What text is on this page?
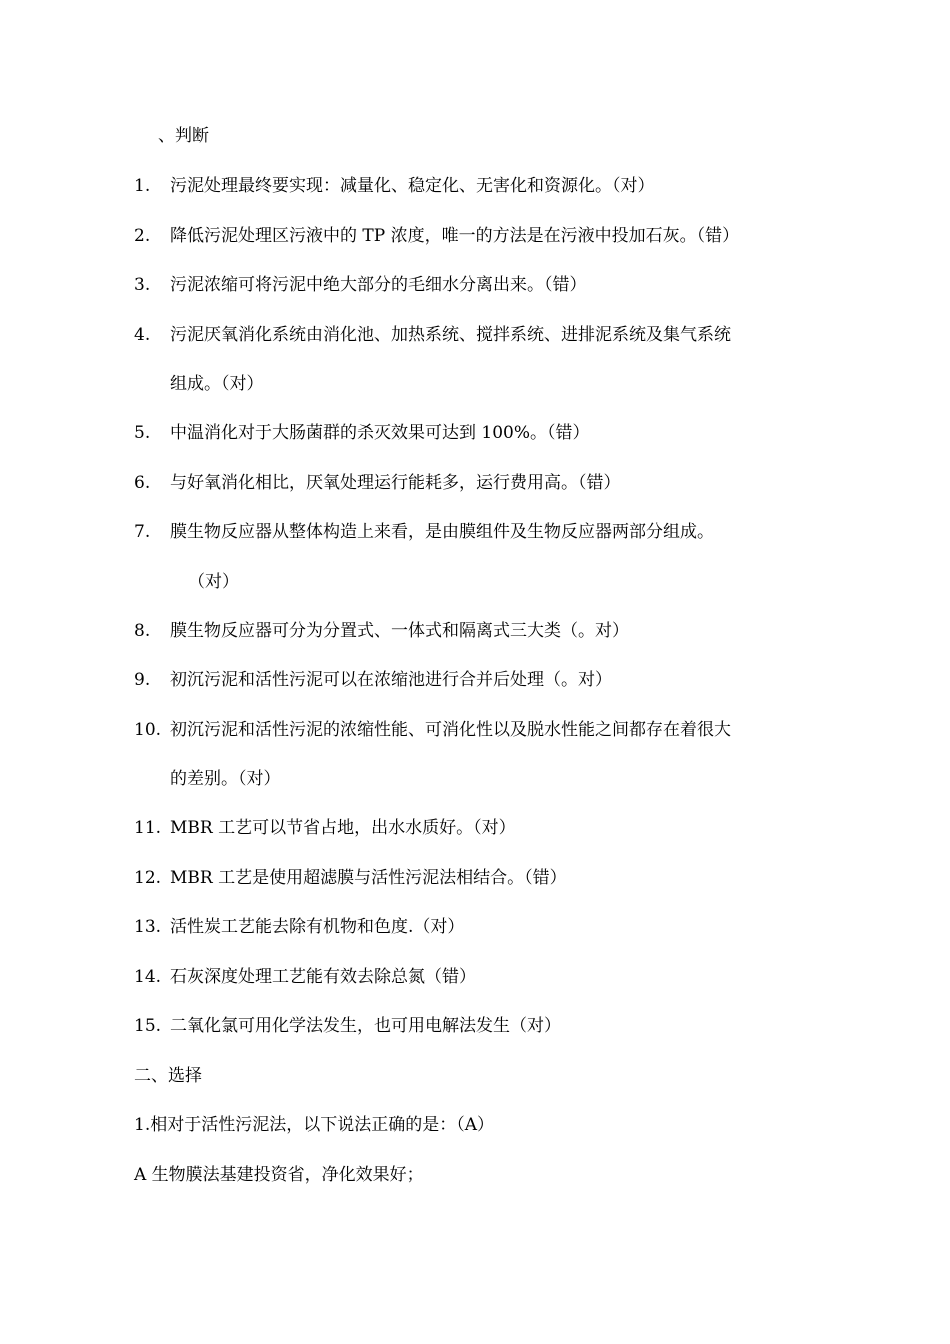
、判断
1.	污泥处理最终要实现：减量化、稳定化、无害化和资源化。（对）
2.	降低污泥处理区污液中的 TP 浓度，唯一的方法是在污液中投加石灰。（错）
3.	污泥浓缩可将污泥中绝大部分的毛细水分离出来。（错）
4.	污泥厌氧消化系统由消化池、加热系统、搅拌系统、进排泥系统及集气系统
组成。（对）
5.	中温消化对于大肠菌群的杀灭效果可达到 100%。（错）
6.	与好氧消化相比，厌氧处理运行能耗多，运行费用高。（错）
7.	膜生物反应器从整体构造上来看，是由膜组件及生物反应器两部分组成。
（对）
8.	膜生物反应器可分为分置式、一体式和隔离式三大类（。对）
9.	初沉污泥和活性污泥可以在浓缩池进行合并后处理（。对）
10. 初沉污泥和活性污泥的浓缩性能、可消化性以及脱水性能之间都存在着很大
的差别。（对）
11. MBR 工艺可以节省占地，出水水质好。（对）
12. MBR 工艺是使用超滤膜与活性污泥法相结合。（错）
13. 活性炭工艺能去除有机物和色度.（对）
14. 石灰深度处理工艺能有效去除总氮（错）
15. 二氧化氯可用化学法发生，也可用电解法发生（对）
二、选择
1.相对于活性污泥法，以下说法正确的是：（A）
A 生物膜法基建投资省，净化效果好；
